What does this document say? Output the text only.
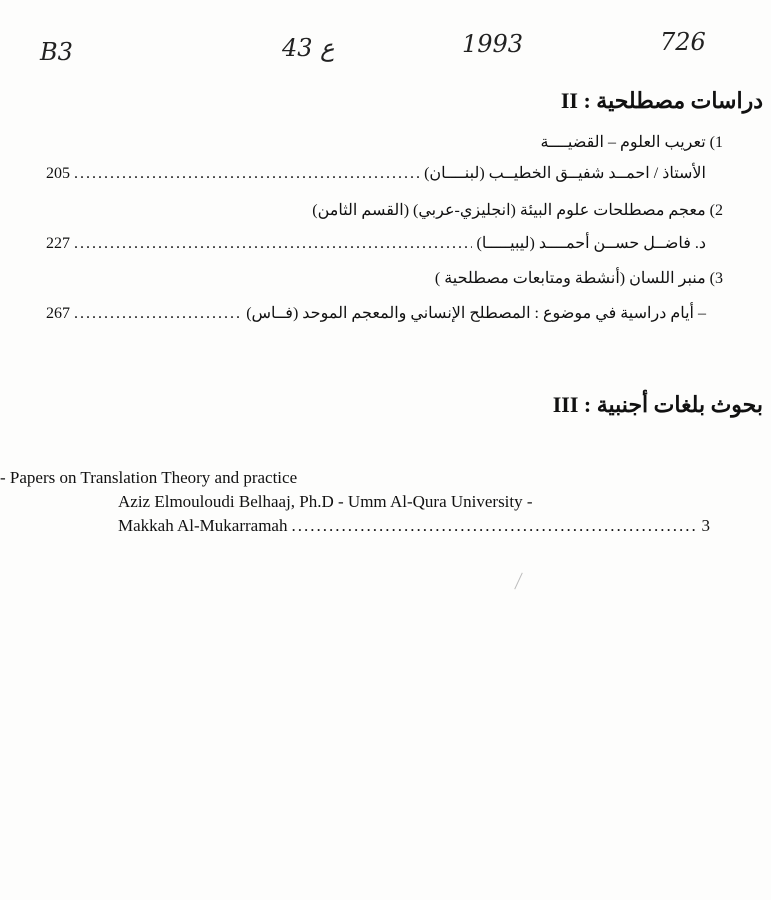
B3	43 ع	1993	726
II : دراسات مصطلحية
1) تعريب العلوم – القضيــــة
205 .....	الأستاذ / احمــد شفيــق الخطيــب (لبنــــان)
2) معجم مصطلحات علوم البيئة (انجليزي-عربي) (القسم الثامن)
227 .....	د. فاضــل حســن أحمــــد (ليبيـــــا)
3) منبر اللسان (أنشطة ومتابعات مصطلحية )
267 .....	– أيام دراسية في موضوع : المصطلح الإنساني والمعجم الموحد (فــاس)
III : بحوث بلغات أجنبية
- Papers on Translation Theory and practice
Aziz Elmouloudi Belhaaj, Ph.D - Umm Al-Qura University -
Makkah Al-Mukarramah .....	3
